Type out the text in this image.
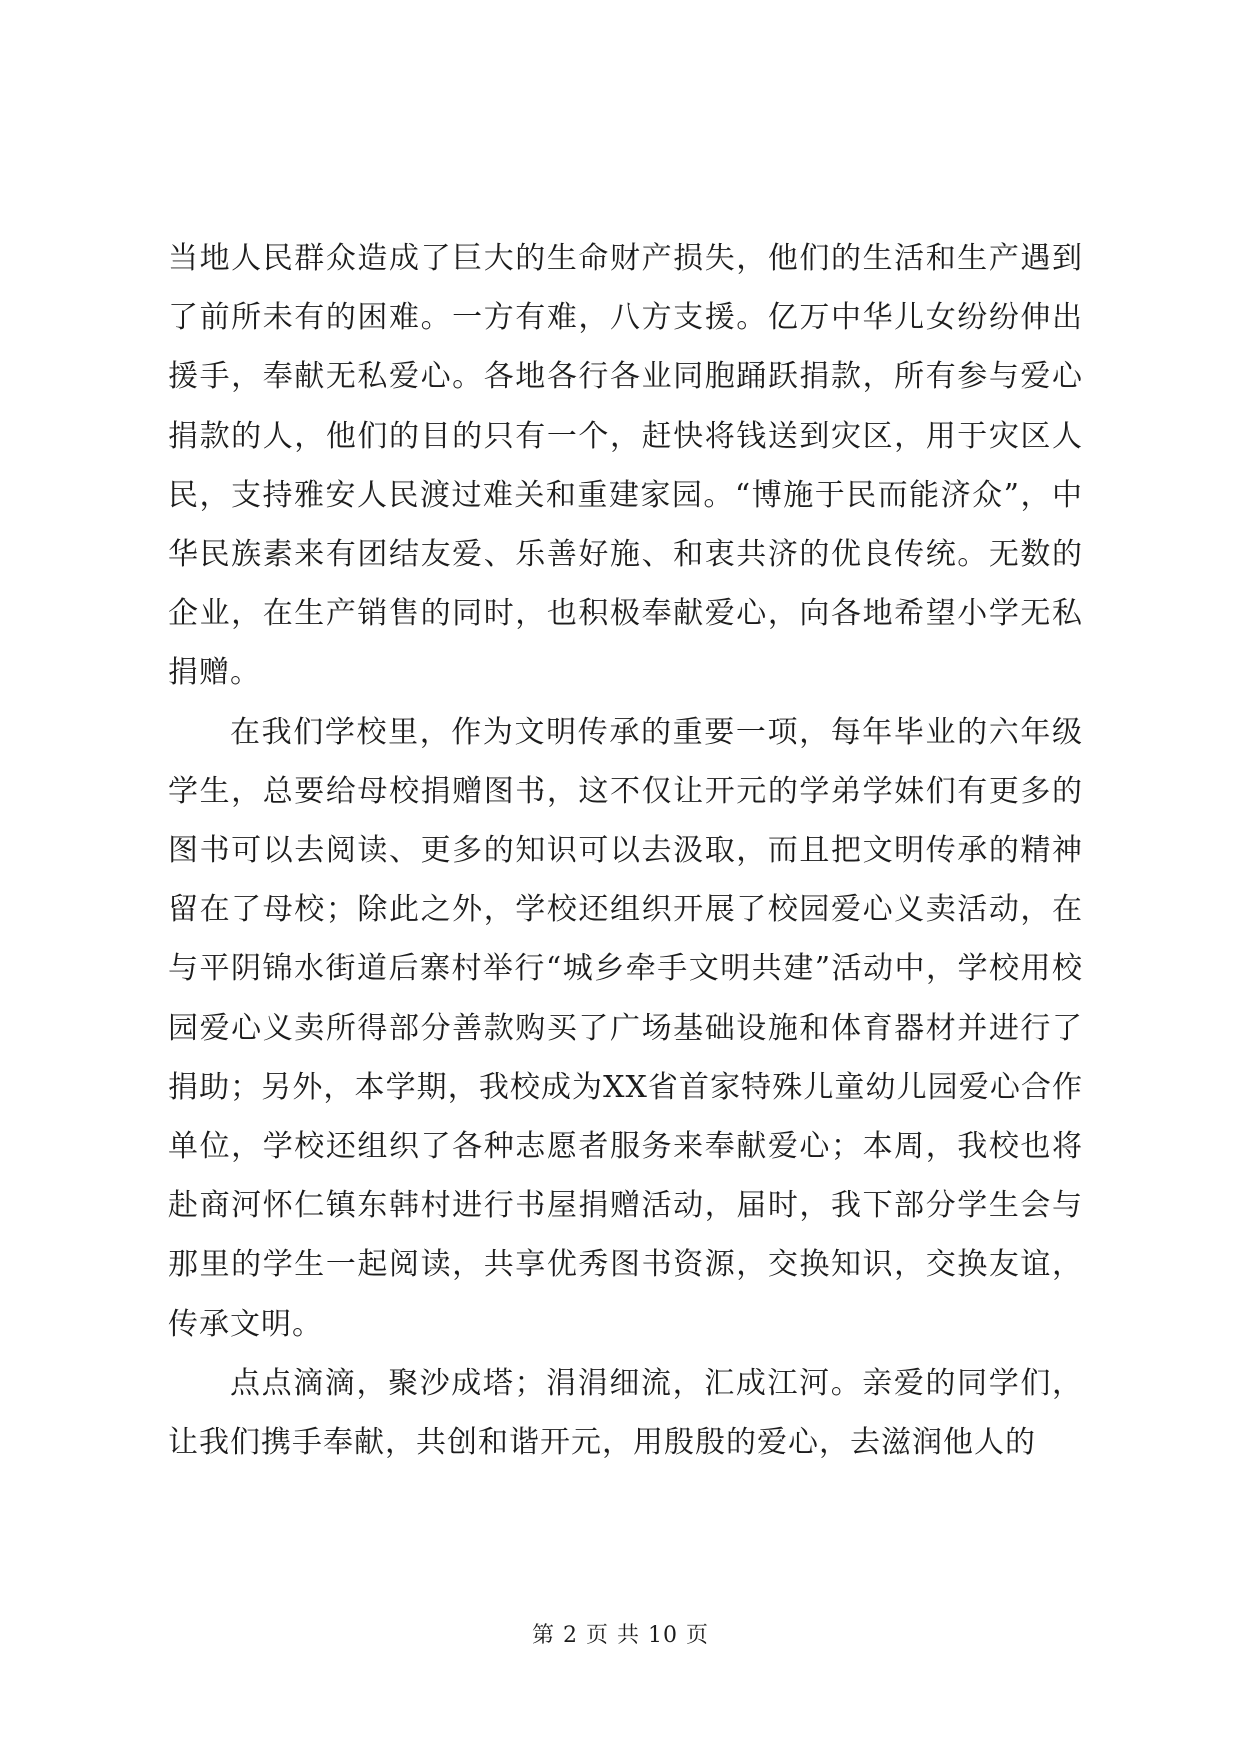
当地人民群众造成了巨大的生命财产损失，他们的生活和生产遇到了前所未有的困难。一方有难，八方支援。亿万中华儿女纷纷伸出援手，奉献无私爱心。各地各行各业同胞踊跃捐款，所有参与爱心捐款的人，他们的目的只有一个，赶快将钱送到灾区，用于灾区人民，支持雅安人民渡过难关和重建家园。“博施于民而能济众”，中华民族素来有团结友爱、乐善好施、和衷共济的优良传统。无数的企业，在生产销售的同时，也积极奉献爱心，向各地希望小学无私捐赠。

在我们学校里，作为文明传承的重要一项，每年毕业的六年级学生，总要给母校捐赠图书，这不仅让开元的学弟学妹们有更多的图书可以去阅读、更多的知识可以去汲取，而且把文明传承的精神留在了母校；除此之外，学校还组织开展了校园爱心义卖活动，在与平阴锦水街道后寨村举行“城乡牵手文明共建”活动中，学校用校园爱心义卖所得部分善款购买了广场基础设施和体育器材并进行了捐助；另外，本学期，我校成为XX省首家特殊儿童幼儿园爱心合作单位，学校还组织了各种志愿者服务来奉献爱心；本周，我校也将赴商河怀仁镇东韩村进行书屋捐赠活动，届时，我下部分学生会与那里的学生一起阅读，共享优秀图书资源，交换知识，交换友谊，传承文明。

点点滴滴，聚沙成塔；涓涓细流，汇成江河。亲爱的同学们，让我们携手奉献，共创和谐开元，用殷殷的爱心，去滋润他人的

第 2 页 共 10 页
